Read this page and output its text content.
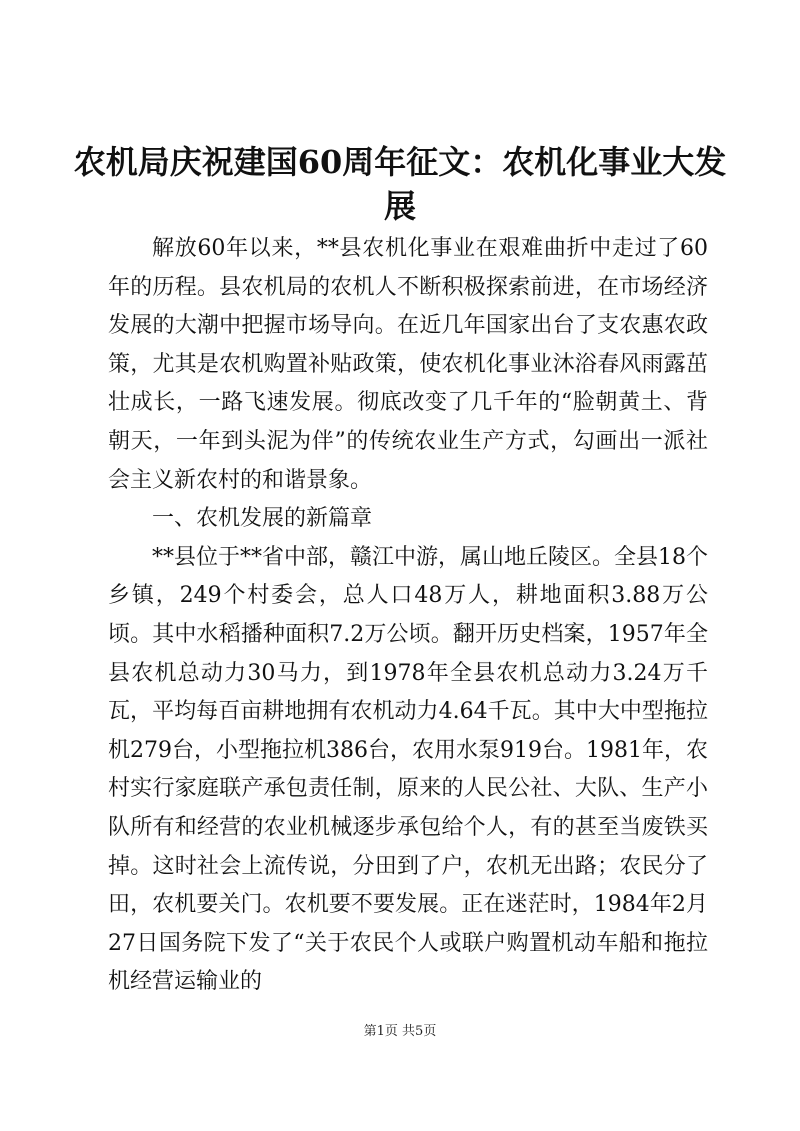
农机局庆祝建国60周年征文：农机化事业大发展

解放60年以来，**县农机化事业在艰难曲折中走过了60年的历程。县农机局的农机人不断积极探索前进，在市场经济发展的大潮中把握市场导向。在近几年国家出台了支农惠农政策，尤其是农机购置补贴政策，使农机化事业沐浴春风雨露茁壮成长，一路飞速发展。彻底改变了几千年的“脸朝黄土、背朝天，一年到头泥为伴”的传统农业生产方式，勾画出一派社会主义新农村的和谐景象。

一、农机发展的新篇章

**县位于**省中部，赣江中游，属山地丘陵区。全县18个乡镇，249个村委会，总人口48万人，耕地面积3.88万公顷。其中水稻播种面积7.2万公顷。翻开历史档案，1957年全县农机总动力30马力，到1978年全县农机总动力3.24万千瓦，平均每百亩耕地拥有农机动力4.64千瓦。其中大中型拖拉机279台，小型拖拉机386台，农用水泵919台。1981年，农村实行家庭联产承包责任制，原来的人民公社、大队、生产小队所有和经营的农业机械逐步承包给个人，有的甚至当废铁买掉。这时社会上流传说，分田到了户，农机无出路；农民分了田，农机要关门。农机要不要发展。正在迷茫时，1984年2月27日国务院下发了“关于农民个人或联户购置机动车船和拖拉机经营运输业的

第1页 共5页
